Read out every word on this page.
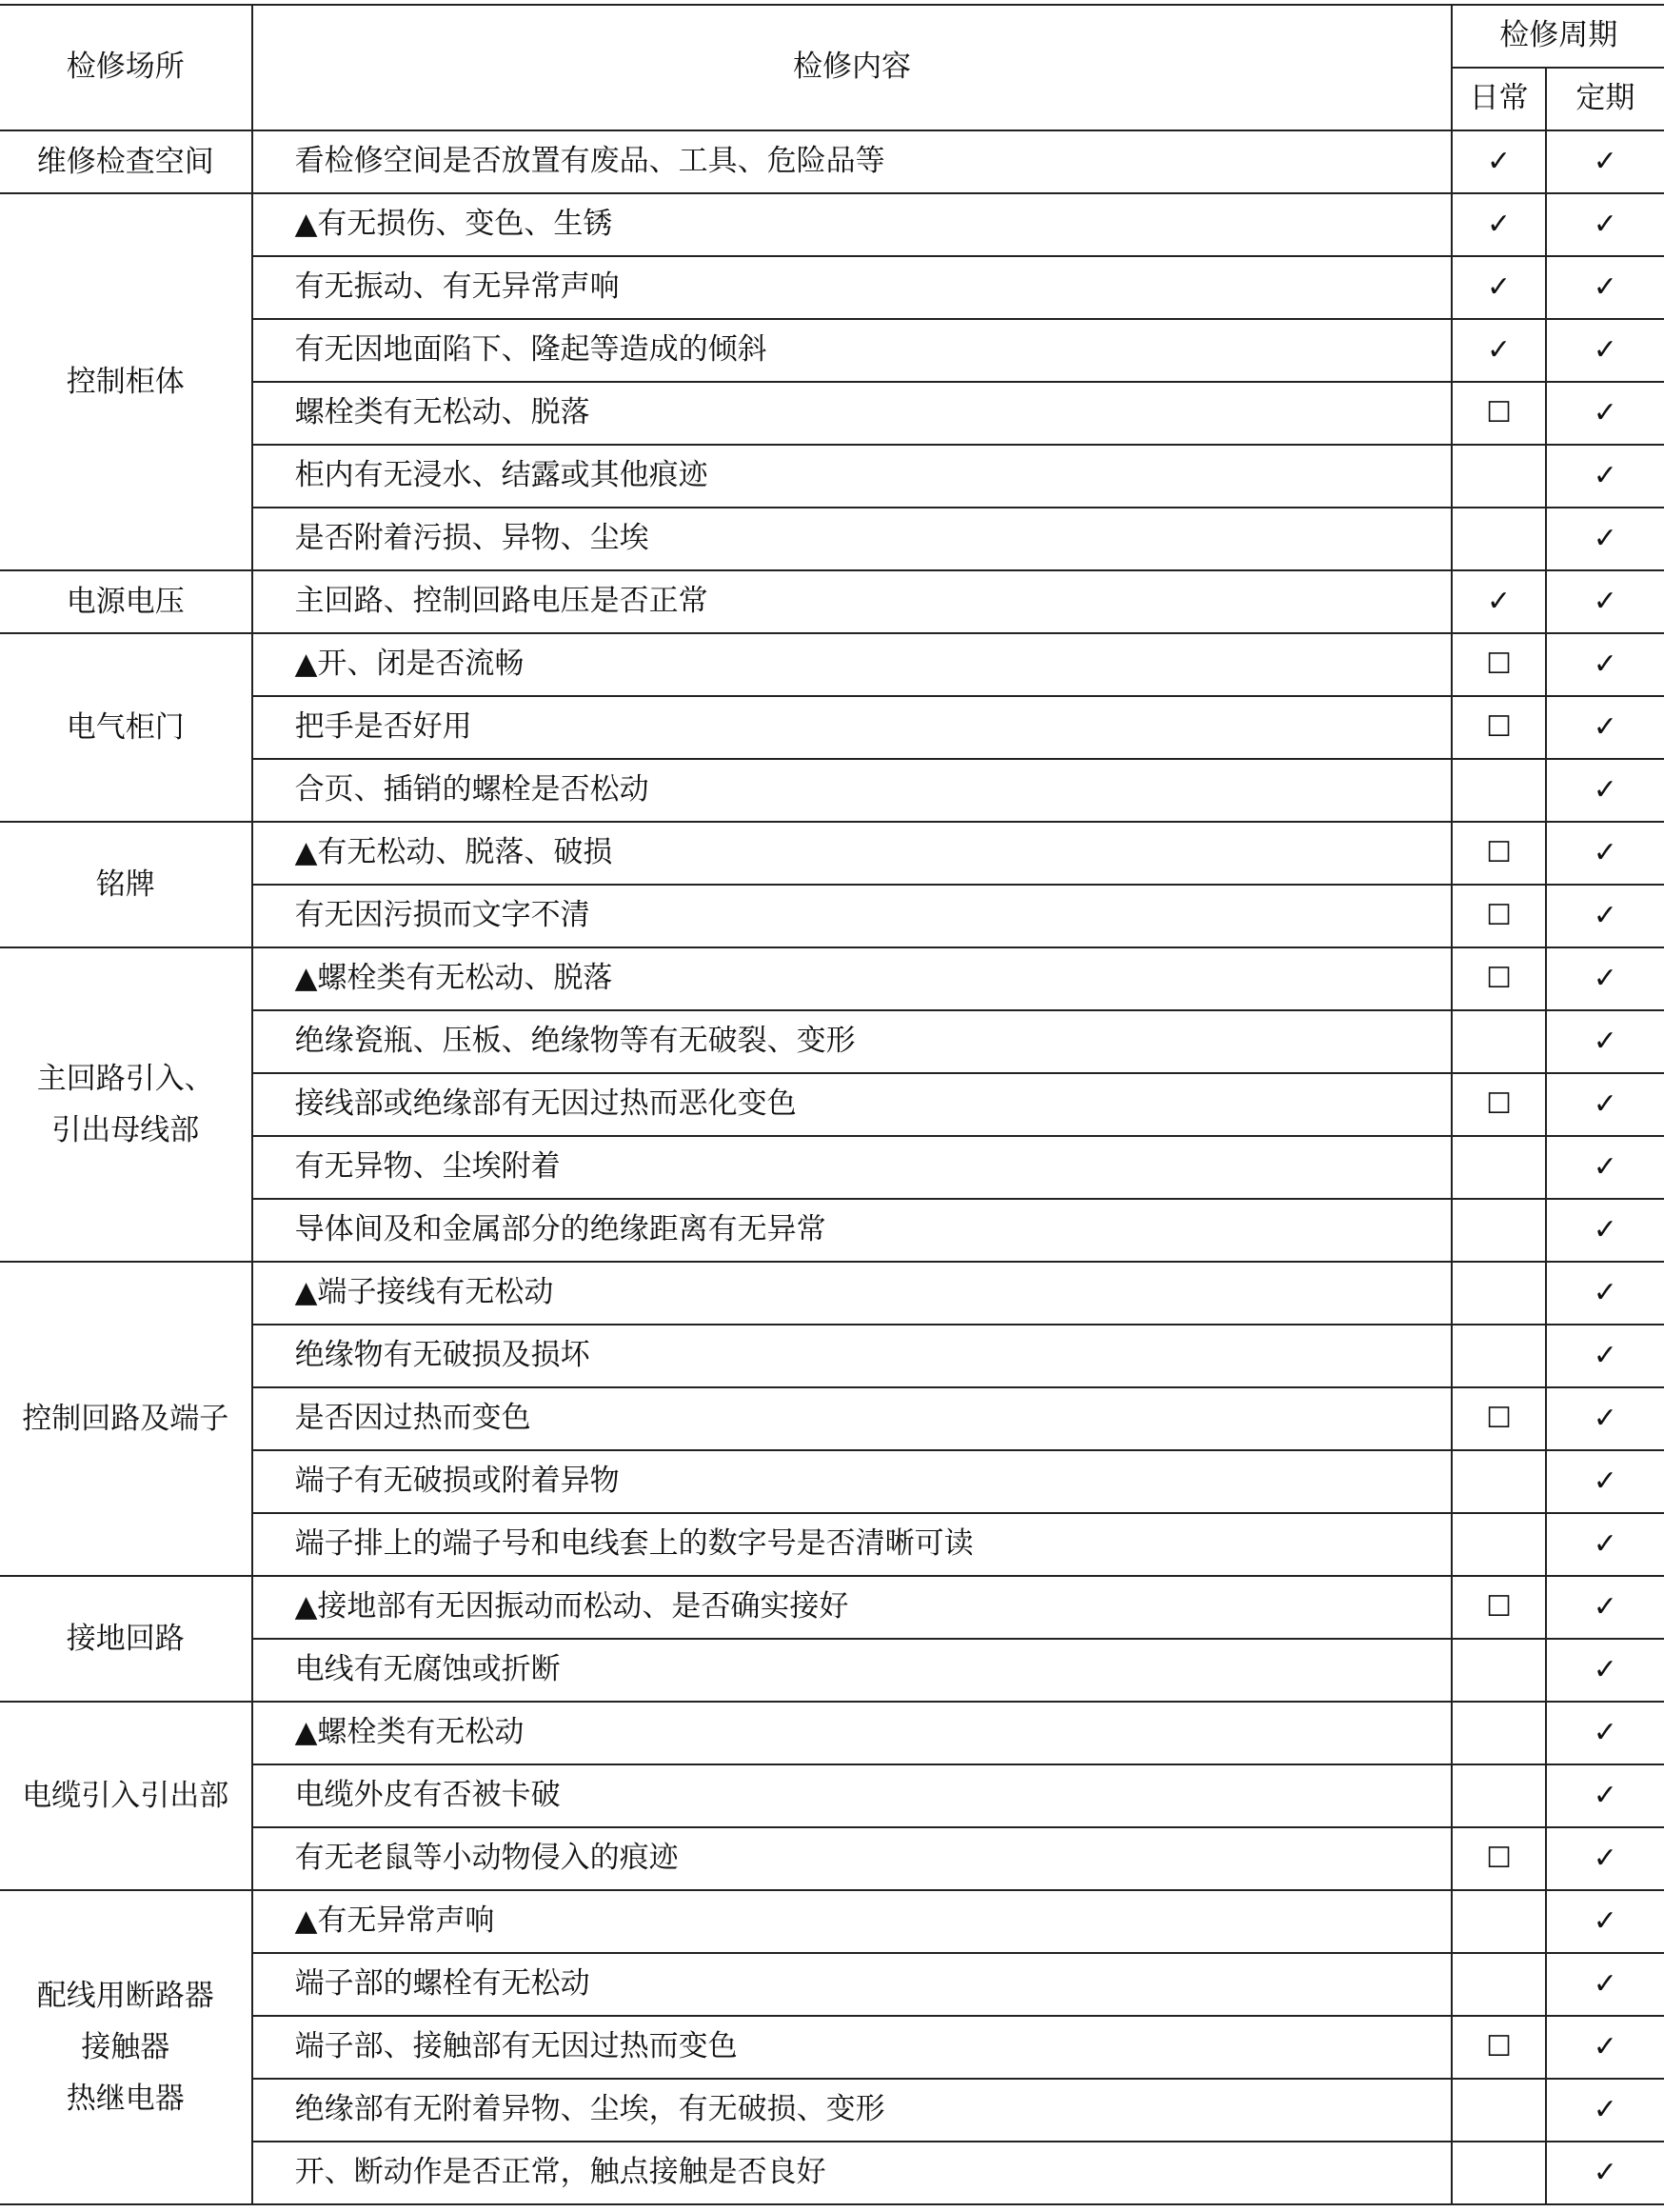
检修场所	检修内容	检修周期	
		日常	定期

维修检查空间	看检修空间是否放置有废品、工具、危险品等	✓	✓

控制柜体	▲有无损伤、变色、生锈	✓	✓
	有无振动、有无异常声响	✓	✓
	有无因地面陷下、隆起等造成的倾斜	✓	✓
	螺栓类有无松动、脱落	☐	✓
	柜内有无浸水、结露或其他痕迹		✓
	是否附着污损、异物、尘埃		✓

电源电压	主回路、控制回路电压是否正常	✓	✓

电气柜门	▲开、闭是否流畅	☐	✓
	把手是否好用	☐	✓
	合页、插销的螺栓是否松动		✓

铭牌	▲有无松动、脱落、破损	☐	✓
	有无因污损而文字不清	☐	✓

主回路引入、
引出母线部	▲螺栓类有无松动、脱落	☐	✓
	绝缘瓷瓶、压板、绝缘物等有无破裂、变形		✓
	接线部或绝缘部有无因过热而恶化变色	☐	✓
	有无异物、尘埃附着		✓
	导体间及和金属部分的绝缘距离有无异常		✓

控制回路及端子	▲端子接线有无松动		✓
	绝缘物有无破损及损坏		✓
	是否因过热而变色	☐	✓
	端子有无破损或附着异物		✓
	端子排上的端子号和电线套上的数字号是否清晰可读		✓

接地回路	▲接地部有无因振动而松动、是否确实接好	☐	✓
	电线有无腐蚀或折断		✓

电缆引入引出部	▲螺栓类有无松动		✓
	电缆外皮有否被卡破		✓
	有无老鼠等小动物侵入的痕迹	☐	✓

配线用断路器
接触器
热继电器	▲有无异常声响		✓
	端子部的螺栓有无松动		✓
	端子部、接触部有无因过热而变色	☐	✓
	绝缘部有无附着异物、尘埃，有无破损、变形		✓
	开、断动作是否正常，触点接触是否良好		✓
